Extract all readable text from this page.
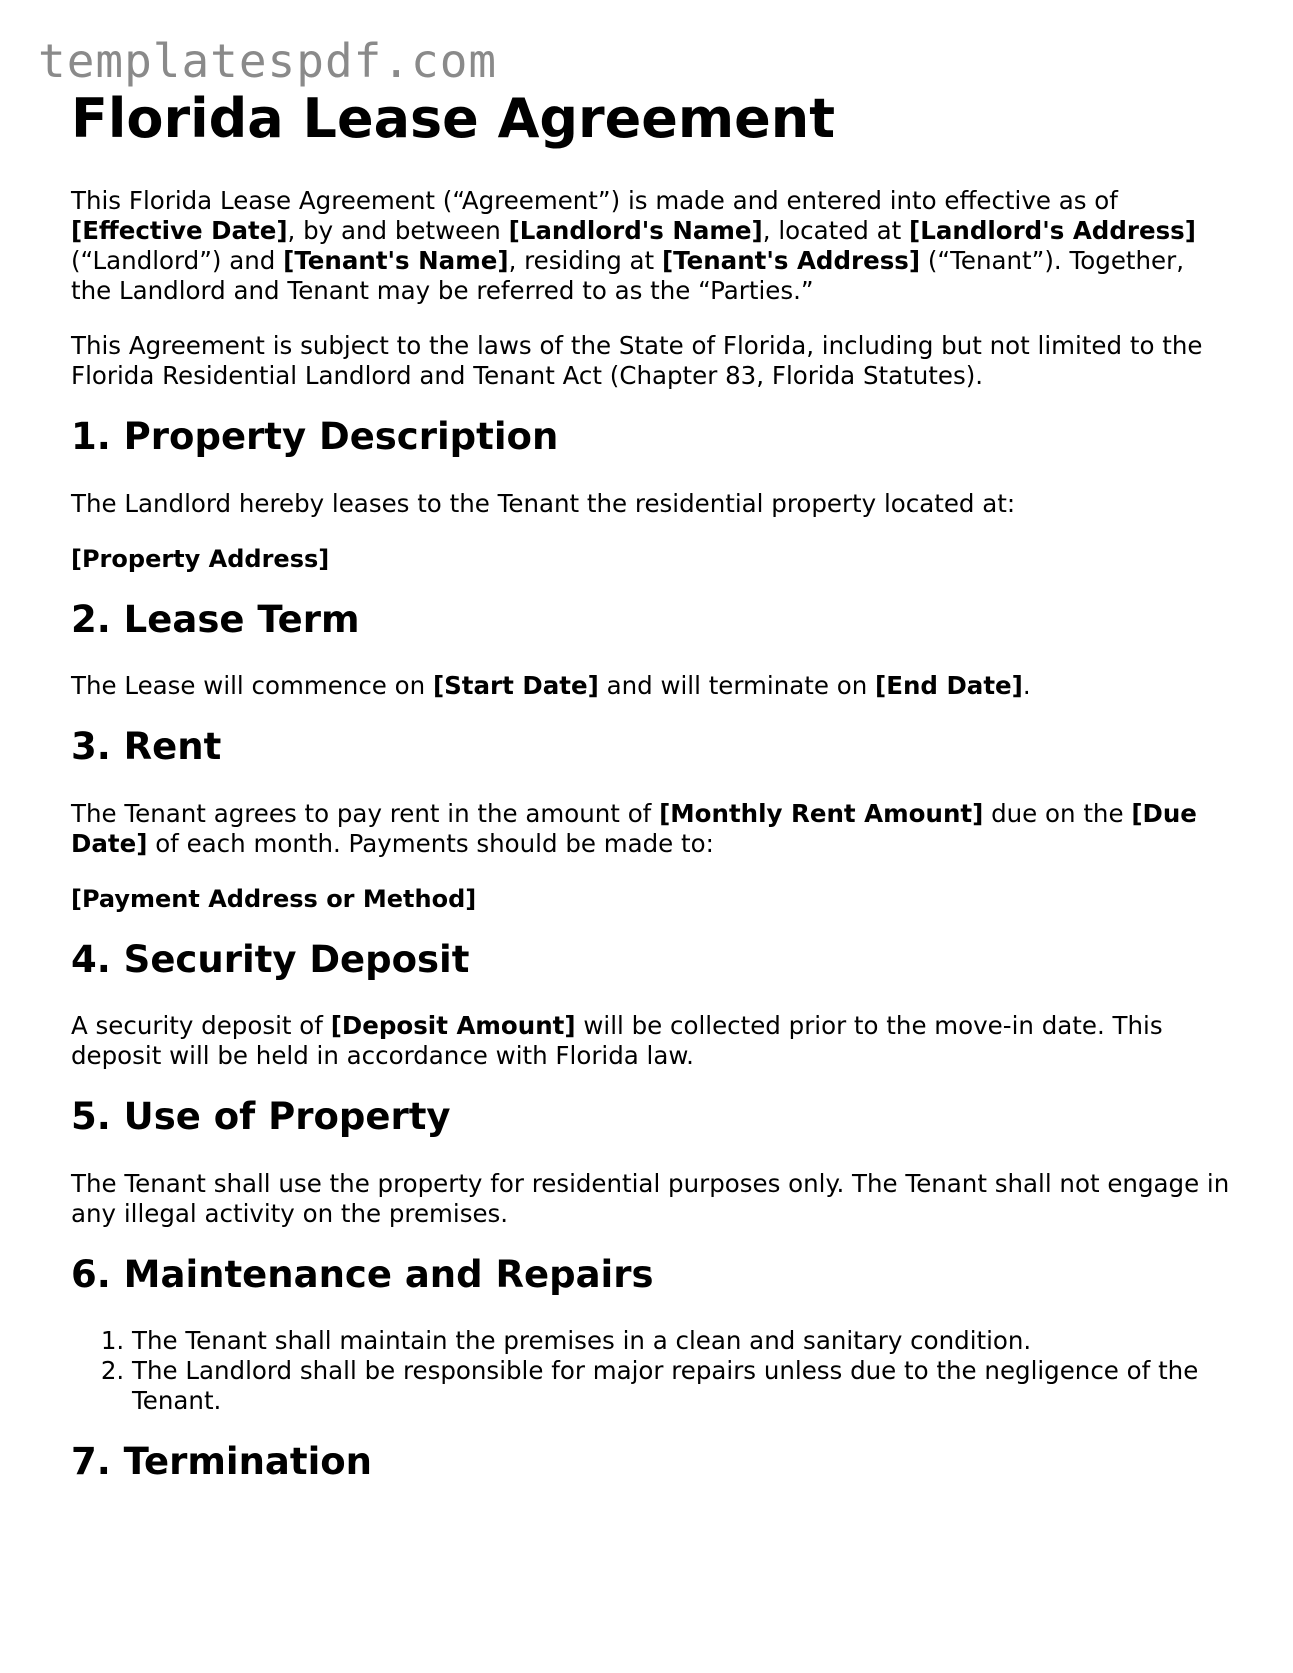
templatespdf.com
Florida Lease Agreement

This Florida Lease Agreement (“Agreement”) is made and entered into effective as of [Effective Date], by and between [Landlord's Name], located at [Landlord's Address] (“Landlord”) and [Tenant's Name], residing at [Tenant's Address] (“Tenant”). Together, the Landlord and Tenant may be referred to as the “Parties.”

This Agreement is subject to the laws of the State of Florida, including but not limited to the Florida Residential Landlord and Tenant Act (Chapter 83, Florida Statutes).

1. Property Description

The Landlord hereby leases to the Tenant the residential property located at:

[Property Address]

2. Lease Term

The Lease will commence on [Start Date] and will terminate on [End Date].

3. Rent

The Tenant agrees to pay rent in the amount of [Monthly Rent Amount] due on the [Due Date] of each month. Payments should be made to:

[Payment Address or Method]

4. Security Deposit

A security deposit of [Deposit Amount] will be collected prior to the move-in date. This deposit will be held in accordance with Florida law.

5. Use of Property

The Tenant shall use the property for residential purposes only. The Tenant shall not engage in any illegal activity on the premises.

6. Maintenance and Repairs
1. The Tenant shall maintain the premises in a clean and sanitary condition.
2. The Landlord shall be responsible for major repairs unless due to the negligence of the Tenant.
7. Termination
